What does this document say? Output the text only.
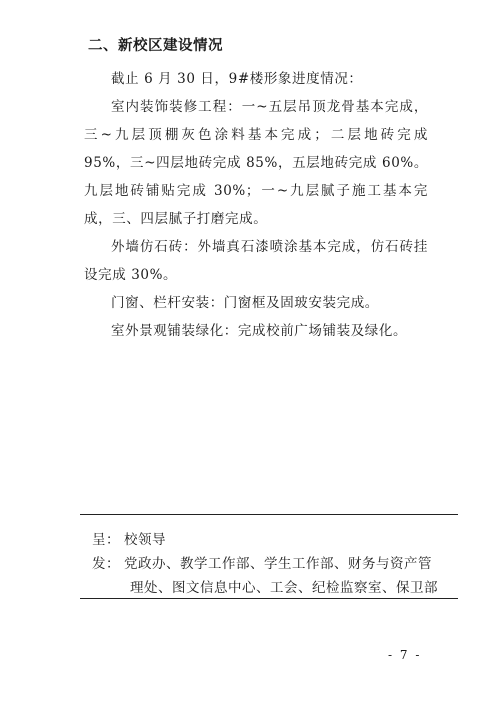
二、新校区建设情况

截止 6 月 30 日，9#楼形象进度情况：

室内装饰装修工程：一~五层吊顶龙骨基本完成，三~九层顶棚灰色涂料基本完成；二层地砖完成 95%，三~四层地砖完成 85%，五层地砖完成 60%。九层地砖铺贴完成 30%；一~九层腻子施工基本完成，三、四层腻子打磨完成。

外墙仿石砖：外墙真石漆喷涂基本完成，仿石砖挂设完成 30%。

门窗、栏杆安装：门窗框及固玻安装完成。

室外景观铺装绿化：完成校前广场铺装及绿化。

呈： 校领导
发： 党政办、教学工作部、学生工作部、财务与资产管
理处、图文信息中心、工会、纪检监察室、保卫部
- 7 -
